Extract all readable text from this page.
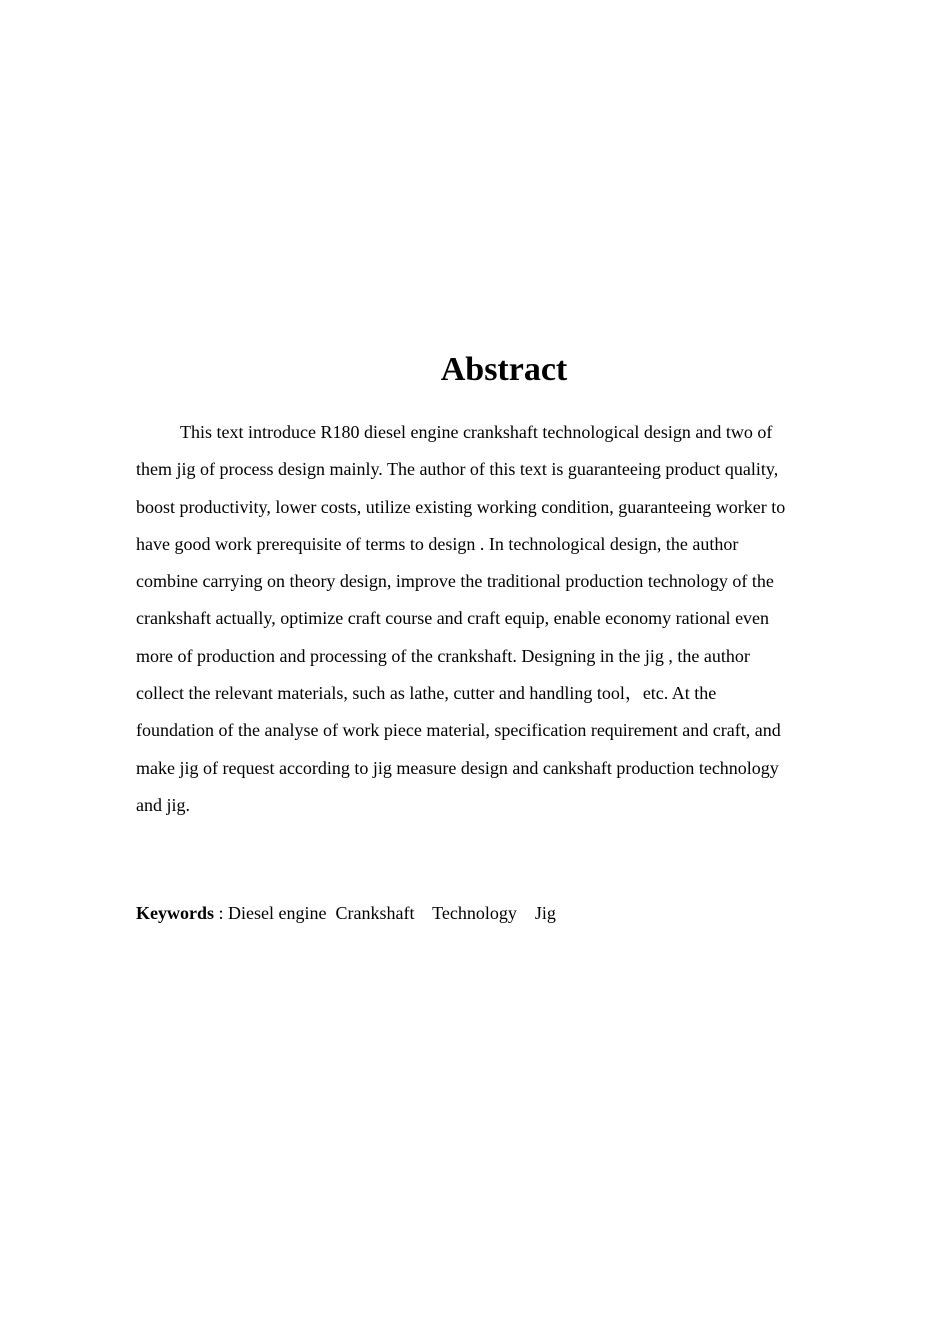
Abstract
This text introduce R180 diesel engine crankshaft technological design and two of
them jig of process design mainly. The author of this text is guaranteeing product quality,
boost productivity, lower costs, utilize existing working condition, guaranteeing worker to
have good work prerequisite of terms to design . In technological design, the author
combine carrying on theory design, improve the traditional production technology of the
crankshaft actually, optimize craft course and craft equip, enable economy rational even
more of production and processing of the crankshaft. Designing in the jig , the author
collect the relevant materials, such as lathe, cutter and handling tool，etc. At the
foundation of the analyse of work piece material, specification requirement and craft, and
make jig of request according to jig measure design and cankshaft production technology
and jig.

Keywords : Diesel engine  Crankshaft    Technology    Jig
